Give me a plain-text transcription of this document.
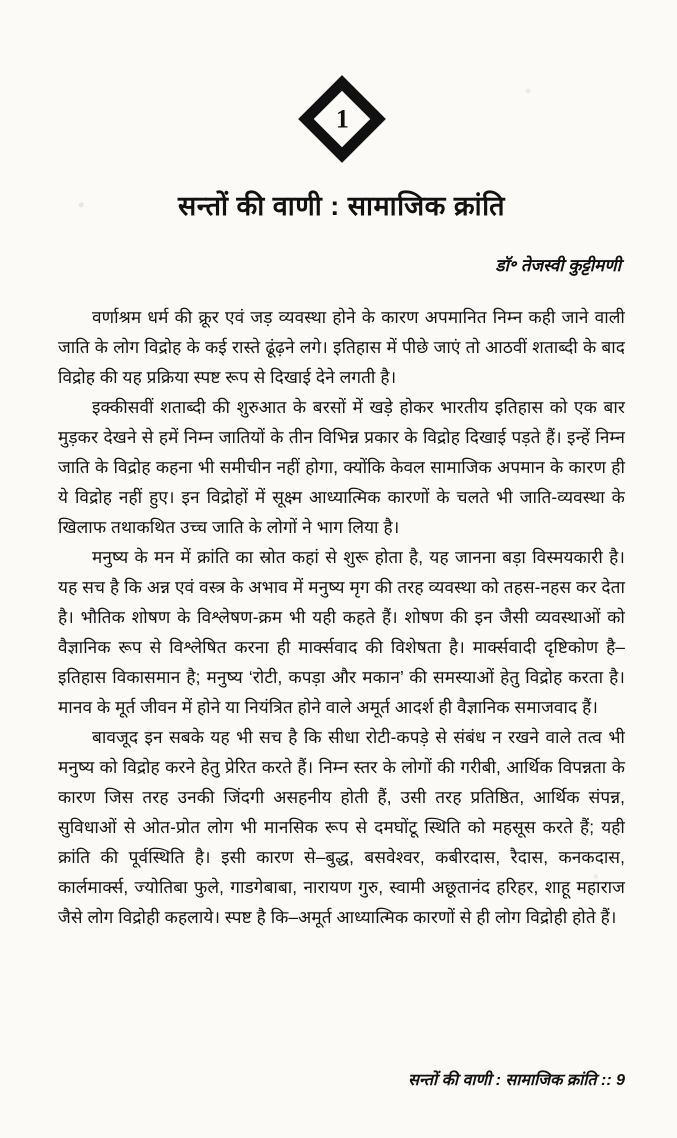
1
सन्तों की वाणी : सामाजिक क्रांति
डॉ॰ तेजस्वी कुट्टीमणी

वर्णाश्रम धर्म की क्रूर एवं जड़ व्यवस्था होने के कारण अपमानित निम्न कही जाने वाली जाति के लोग विद्रोह के कई रास्ते ढूंढ़ने लगे। इतिहास में पीछे जाएं तो आठवीं शताब्दी के बाद विद्रोह की यह प्रक्रिया स्पष्ट रूप से दिखाई देने लगती है।

इक्कीसवीं शताब्दी की शुरुआत के बरसों में खड़े होकर भारतीय इतिहास को एक बार मुड़कर देखने से हमें निम्न जातियों के तीन विभिन्न प्रकार के विद्रोह दिखाई पड़ते हैं। इन्हें निम्न जाति के विद्रोह कहना भी समीचीन नहीं होगा, क्योंकि केवल सामाजिक अपमान के कारण ही ये विद्रोह नहीं हुए। इन विद्रोहों में सूक्ष्म आध्यात्मिक कारणों के चलते भी जाति-व्यवस्था के खिलाफ तथाकथित उच्च जाति के लोगों ने भाग लिया है।

मनुष्य के मन में क्रांति का स्रोत कहां से शुरू होता है, यह जानना बड़ा विस्मयकारी है। यह सच है कि अन्न एवं वस्त्र के अभाव में मनुष्य मृग की तरह व्यवस्था को तहस-नहस कर देता है। भौतिक शोषण के विश्लेषण-क्रम भी यही कहते हैं। शोषण की इन जैसी व्यवस्थाओं को वैज्ञानिक रूप से विश्लेषित करना ही मार्क्सवाद की विशेषता है। मार्क्सवादी दृष्टिकोण है– इतिहास विकासमान है; मनुष्य ‘रोटी, कपड़ा और मकान’ की समस्याओं हेतु विद्रोह करता है। मानव के मूर्त जीवन में होने या नियंत्रित होने वाले अमूर्त आदर्श ही वैज्ञानिक समाजवाद हैं।

बावजूद इन सबके यह भी सच है कि सीधा रोटी-कपड़े से संबंध न रखने वाले तत्व भी मनुष्य को विद्रोह करने हेतु प्रेरित करते हैं। निम्न स्तर के लोगों की गरीबी, आर्थिक विपन्नता के कारण जिस तरह उनकी जिंदगी असहनीय होती हैं, उसी तरह प्रतिष्ठित, आर्थिक संपन्न, सुविधाओं से ओत-प्रोत लोग भी मानसिक रूप से दमघोंटू स्थिति को महसूस करते हैं; यही क्रांति की पूर्वस्थिति है। इसी कारण से–बुद्ध, बसवेश्वर, कबीरदास, रैदास, कनकदास, कार्लमार्क्स, ज्योतिबा फुले, गाडगेबाबा, नारायण गुरु, स्वामी अछूतानंद हरिहर, शाहू महाराज जैसे लोग विद्रोही कहलाये। स्पष्ट है कि–अमूर्त आध्यात्मिक कारणों से ही लोग विद्रोही होते हैं।

सन्तों की वाणी : सामाजिक क्रांति :: 9
